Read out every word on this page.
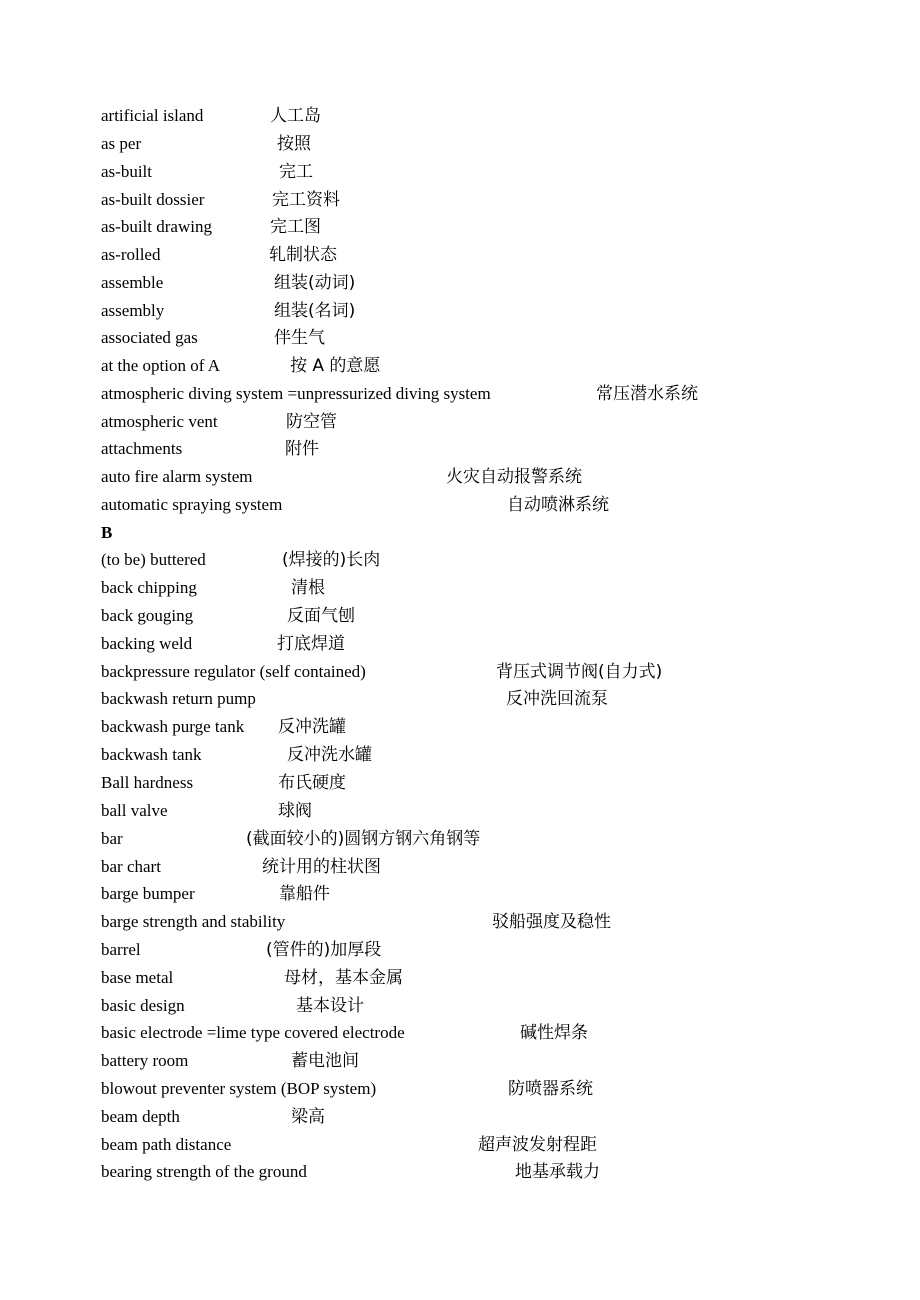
artificial island	人工岛
as per	按照
as-built	完工
as-built dossier	完工资料
as-built drawing	完工图
as-rolled	轧制状态
assemble	组装(动词)
assembly	组装(名词)
associated gas	伴生气
at the option of A	按 A 的意愿
atmospheric diving system =unpressurized diving system	常压潜水系统
atmospheric vent	防空管
attachments	附件
auto fire alarm system	火灾自动报警系统
automatic spraying system	自动喷淋系统
B
(to be) buttered	(焊接的)长肉
back chipping	清根
back gouging	反面气刨
backing weld	打底焊道
backpressure regulator (self contained)	背压式调节阀(自力式)
backwash return pump	反冲洗回流泵
backwash purge tank 反冲洗罐
backwash tank	反冲洗水罐
Ball hardness	布氏硬度
ball valve	球阀
bar	(截面较小的)圆钢方钢六角钢等
bar chart	统计用的柱状图
barge bumper	靠船件
barge strength and stability	驳船强度及稳性
barrel	(管件的)加厚段
base metal	母材，基本金属
basic design	基本设计
basic electrode =lime type covered electrode	碱性焊条
battery room	蓄电池间
blowout preventer system (BOP system)	防喷器系统
beam depth	梁高
beam path distance	超声波发射程距
bearing strength of the ground	地基承载力
